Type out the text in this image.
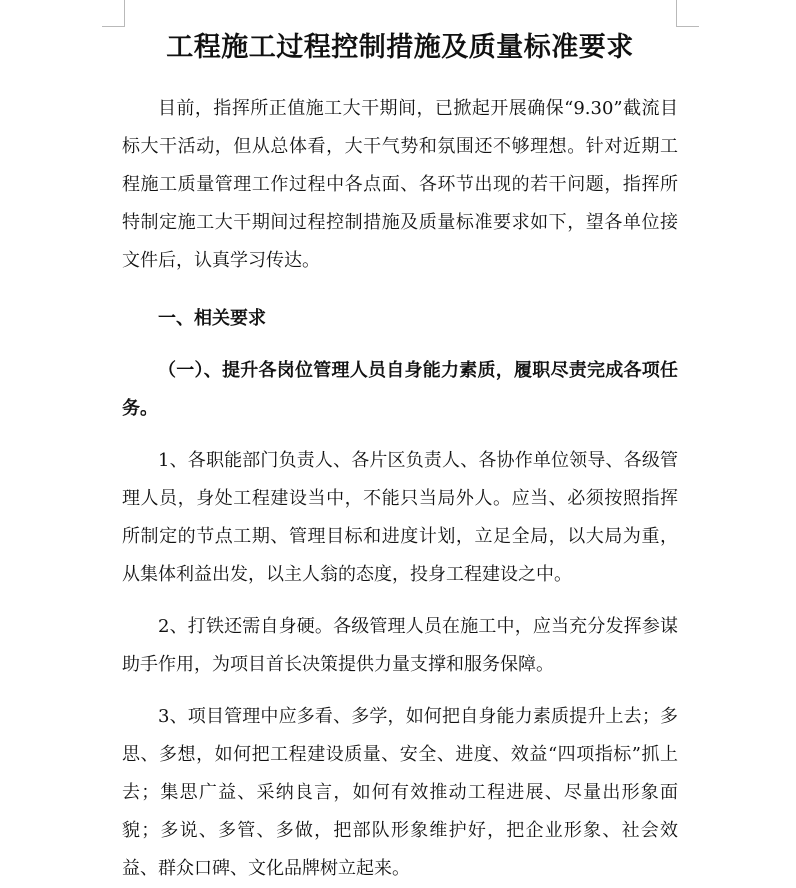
工程施工过程控制措施及质量标准要求

目前，指挥所正值施工大干期间，已掀起开展确保“9.30”截流目标大干活动，但从总体看，大干气势和氛围还不够理想。针对近期工程施工质量管理工作过程中各点面、各环节出现的若干问题，指挥所特制定施工大干期间过程控制措施及质量标准要求如下，望各单位接文件后，认真学习传达。

一、相关要求

（一）、提升各岗位管理人员自身能力素质，履职尽责完成各项任务。

1、各职能部门负责人、各片区负责人、各协作单位领导、各级管理人员，身处工程建设当中，不能只当局外人。应当、必须按照指挥所制定的节点工期、管理目标和进度计划，立足全局，以大局为重，从集体利益出发，以主人翁的态度，投身工程建设之中。

2、打铁还需自身硬。各级管理人员在施工中，应当充分发挥参谋助手作用，为项目首长决策提供力量支撑和服务保障。

3、项目管理中应多看、多学，如何把自身能力素质提升上去；多思、多想，如何把工程建设质量、安全、进度、效益“四项指标”抓上去；集思广益、采纳良言，如何有效推动工程进展、尽量出形象面貌；多说、多管、多做，把部队形象维护好，把企业形象、社会效益、群众口碑、文化品牌树立起来。
